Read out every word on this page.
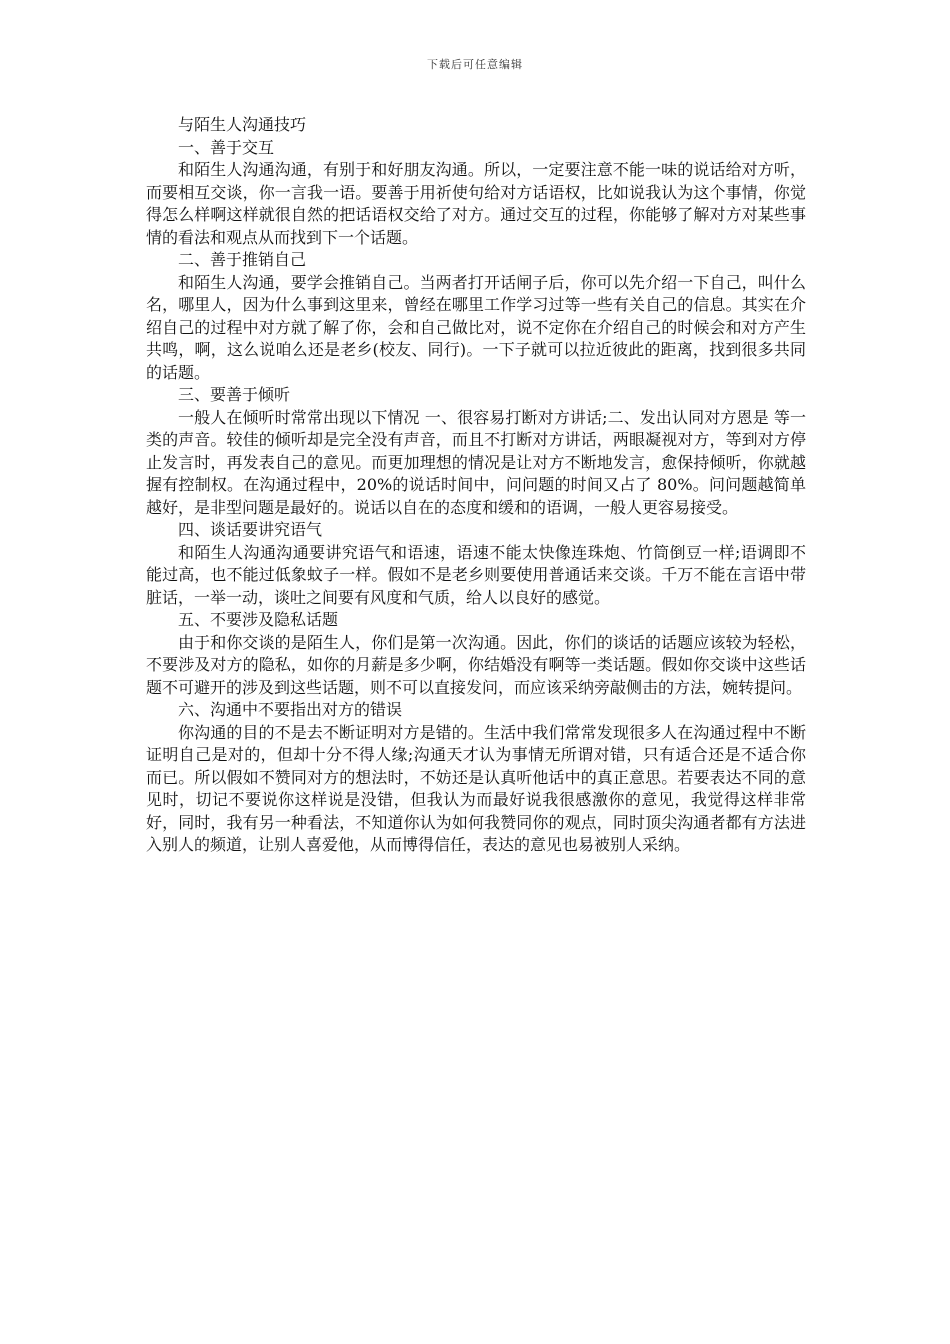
下载后可任意编辑

与陌生人沟通技巧

一、善于交互

和陌生人沟通沟通，有别于和好朋友沟通。所以，一定要注意不能一味的说话给对方听，而要相互交谈，你一言我一语。要善于用祈使句给对方话语权，比如说我认为这个事情，你觉得怎么样啊这样就很自然的把话语权交给了对方。通过交互的过程，你能够了解对方对某些事情的看法和观点从而找到下一个话题。

二、善于推销自己

和陌生人沟通，要学会推销自己。当两者打开话闸子后，你可以先介绍一下自己，叫什么名，哪里人，因为什么事到这里来，曾经在哪里工作学习过等一些有关自己的信息。其实在介绍自己的过程中对方就了解了你，会和自己做比对，说不定你在介绍自己的时候会和对方产生共鸣，啊，这么说咱么还是老乡(校友、同行)。一下子就可以拉近彼此的距离，找到很多共同的话题。

三、要善于倾听

一般人在倾听时常常出现以下情况 一、很容易打断对方讲话;二、发出认同对方恩是 等一类的声音。较佳的倾听却是完全没有声音，而且不打断对方讲话，两眼凝视对方，等到对方停止发言时，再发表自己的意见。而更加理想的情况是让对方不断地发言，愈保持倾听，你就越握有控制权。在沟通过程中，20%的说话时间中，问问题的时间又占了 80%。问问题越简单越好，是非型问题是最好的。说话以自在的态度和缓和的语调，一般人更容易接受。

四、谈话要讲究语气

和陌生人沟通沟通要讲究语气和语速，语速不能太快像连珠炮、竹筒倒豆一样;语调即不能过高，也不能过低象蚊子一样。假如不是老乡则要使用普通话来交谈。千万不能在言语中带脏话，一举一动，谈吐之间要有风度和气质，给人以良好的感觉。

五、不要涉及隐私话题

由于和你交谈的是陌生人，你们是第一次沟通。因此，你们的谈话的话题应该较为轻松，不要涉及对方的隐私，如你的月薪是多少啊，你结婚没有啊等一类话题。假如你交谈中这些话题不可避开的涉及到这些话题，则不可以直接发问，而应该采纳旁敲侧击的方法，婉转提问。

六、沟通中不要指出对方的错误

你沟通的目的不是去不断证明对方是错的。生活中我们常常发现很多人在沟通过程中不断证明自己是对的，但却十分不得人缘;沟通天才认为事情无所谓对错，只有适合还是不适合你而已。所以假如不赞同对方的想法时，不妨还是认真听他话中的真正意思。若要表达不同的意见时，切记不要说你这样说是没错，但我认为而最好说我很感激你的意见，我觉得这样非常好，同时，我有另一种看法，不知道你认为如何我赞同你的观点，同时顶尖沟通者都有方法进入别人的频道，让别人喜爱他，从而博得信任，表达的意见也易被别人采纳。
